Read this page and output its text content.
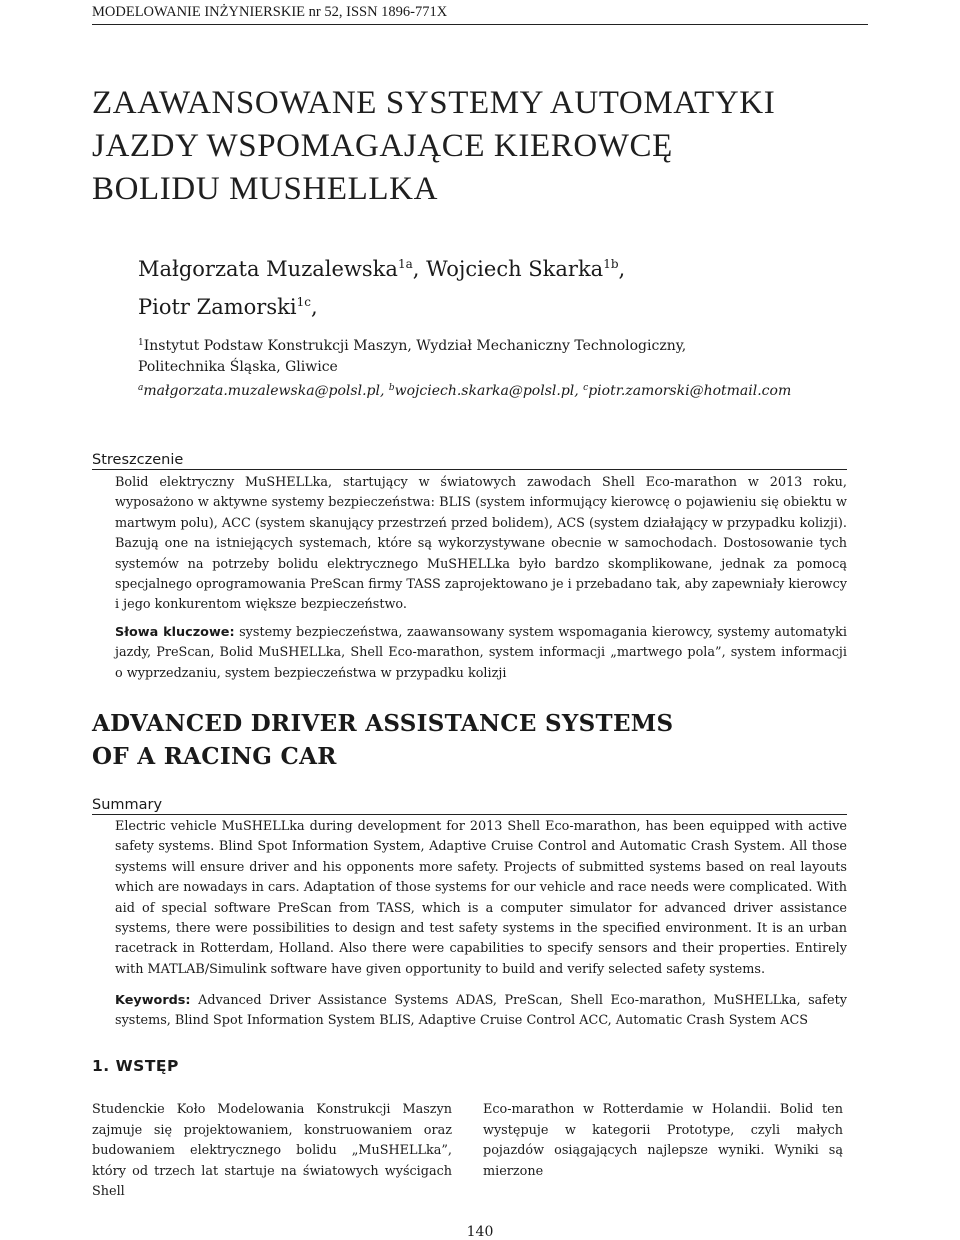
MODELOWANIE INŻYNIERSKIE nr 52, ISSN 1896-771X
ZAAWANSOWANE SYSTEMY AUTOMATYKI
JAZDY WSPOMAGAJĄCE KIEROWCĘ
BOLIDU MUSHELLKA
Małgorzata Muzalewska$^{1a}$, Wojciech Skarka$^{1b}$,
Piotr Zamorski$^{1c}$,
$^1$Instytut Podstaw Konstrukcji Maszyn, Wydział Mechaniczny Technologiczny,
Politechnika Śląska, Gliwice
$^a$małgorzata.muzalewska@polsl.pl, $^b$wojciech.skarka@polsl.pl, $^c$piotr.zamorski@hotmail.com
Streszczenie
Bolid elektryczny MuSHELLka, startujący w światowych zawodach Shell Eco-marathon w 2013 roku, wyposażono w aktywne systemy bezpieczeństwa: BLIS (system informujący kierowcę o pojawieniu się obiektu w martwym polu), ACC (system skanujący przestrzeń przed bolidem), ACS (system działający w przypadku kolizji). Bazują one na istniejących systemach, które są wykorzystywane obecnie w samochodach. Dostosowanie tych systemów na potrzeby bolidu elektrycznego MuSHELLka było bardzo skomplikowane, jednak za pomocą specjalnego oprogramowania PreScan firmy TASS zaprojektowano je i przebadano tak, aby zapewniały kierowcy i jego konkurentom większe bezpieczeństwo.
Słowa kluczowe: systemy bezpieczeństwa, zaawansowany system wspomagania kierowcy, systemy automatyki jazdy, PreScan, Bolid MuSHELLka, Shell Eco-marathon, system informacji „martwego pola”, system informacji o wyprzedzaniu, system bezpieczeństwa w przypadku kolizji
ADVANCED DRIVER ASSISTANCE SYSTEMS
OF A RACING CAR
Summary
Electric vehicle MuSHELLka during development for 2013 Shell Eco-marathon, has been equipped with active safety systems. Blind Spot Information System, Adaptive Cruise Control and Automatic Crash System. All those systems will ensure driver and his opponents more safety. Projects of submitted systems based on real layouts which are nowadays in cars. Adaptation of those systems for our vehicle and race needs were complicated. With aid of special software PreScan from TASS, which is a computer simulator for advanced driver assistance systems, there were possibilities to design and test safety systems in the specified environment. It is an urban racetrack in Rotterdam, Holland. Also there were capabilities to specify sensors and their properties. Entirely with MATLAB/Simulink software have given opportunity to build and verify selected safety systems.
Keywords: Advanced Driver Assistance Systems ADAS, PreScan, Shell Eco-marathon, MuSHELLka, safety systems, Blind Spot Information System BLIS, Adaptive Cruise Control ACC, Automatic Crash System ACS
1. WSTĘP
Studenckie Koło Modelowania Konstrukcji Maszyn zajmuje się projektowaniem, konstruowaniem oraz budowaniem elektrycznego bolidu „MuSHELLka”, który od trzech lat startuje na światowych wyścigach Shell
Eco-marathon w Rotterdamie w Holandii. Bolid ten występuje w kategorii Prototype, czyli małych pojazdów osiągających najlepsze wyniki. Wyniki są mierzone
140
